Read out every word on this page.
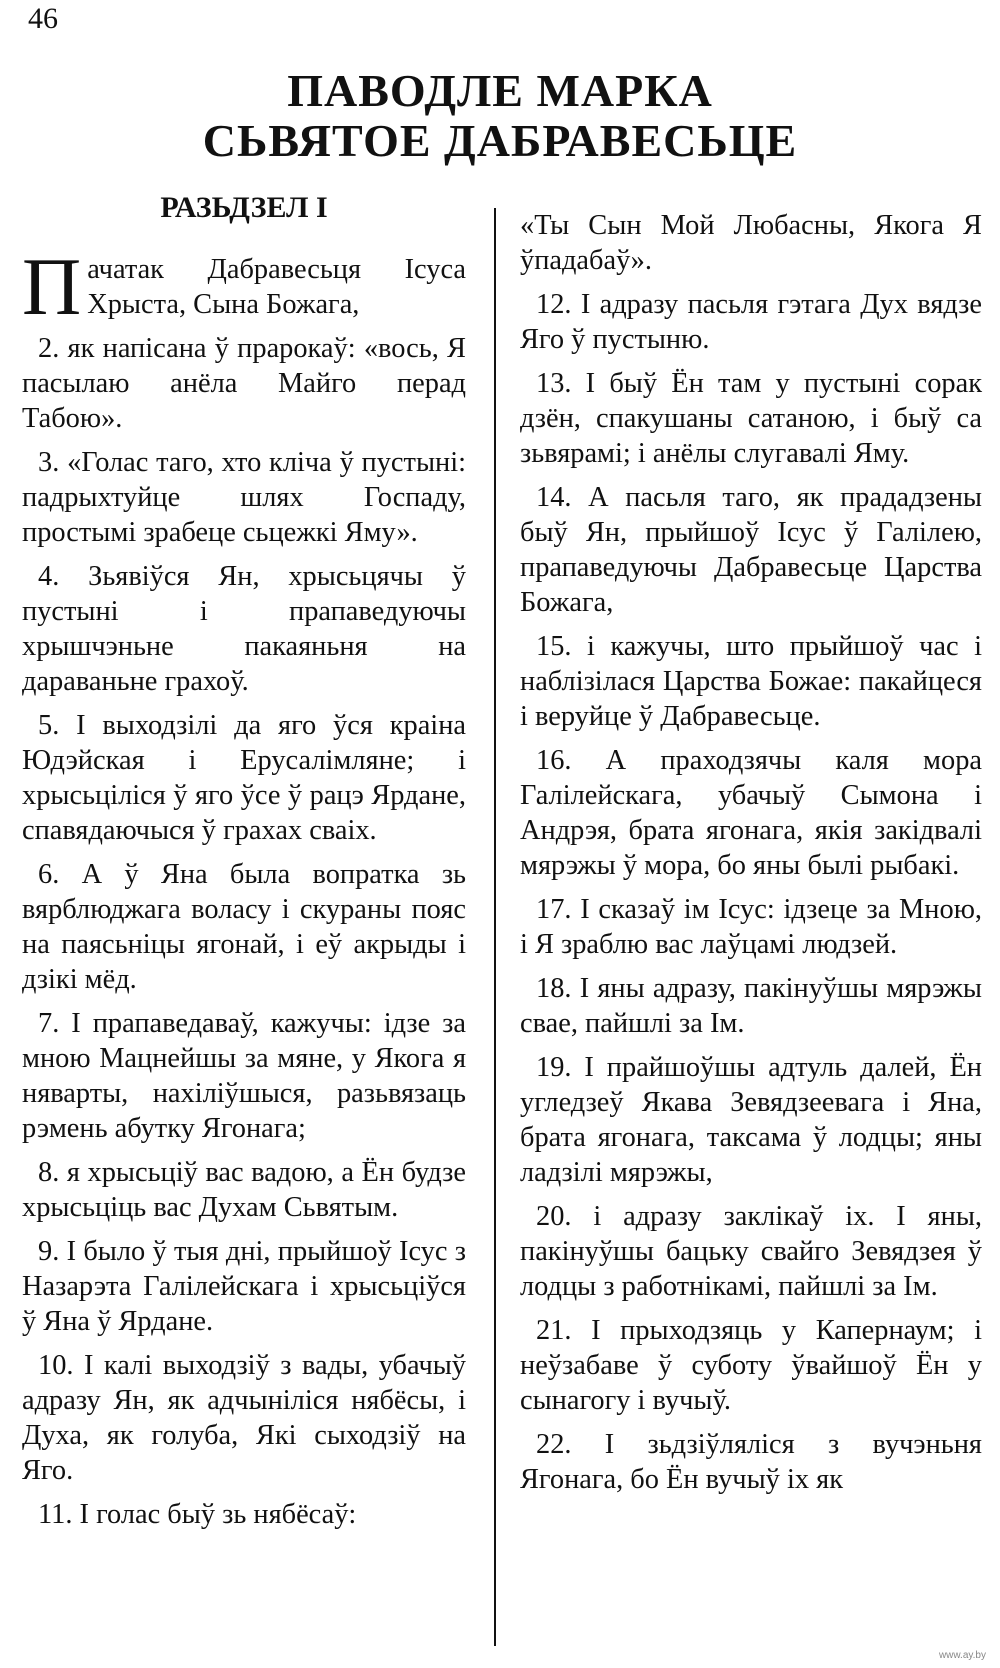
46
ПАВОДЛЕ МАРКА
СЬВЯТОЕ ДАБРАВЕСЬЦЕ
РАЗЬДЗЕЛ I

Пачатак Дабравесьця Ісуса Хрыста, Сына Божага,

2. як напісана ў прарокаў: «вось, Я пасылаю анёла Майго перад Табою».

3. «Голас таго, хто кліча ў пустыні: падрыхтуйце шлях Госпаду, простымі зрабеце сьцежкі Яму».

4. Зьявіўся Ян, хрысьцячы ў пустыні і прапаведуючы хрышчэньне пакаяньня на дараваньне грахоў.

5. І выходзілі да яго ўся краіна Юдэйская і Ерусалімляне; і хрысьціліся ў яго ўсе ў рацэ Ярдане, спавядаючыся ў грахах сваіх.

6. А ў Яна была вопратка зь вярблюджага воласу і скураны пояс на паясьніцы ягонай, і еў акрыды і дзікі мёд.

7. І прапаведаваў, кажучы: ідзе за мною Мацнейшы за мяне, у Якога я няварты, нахіліўшыся, разьвязаць рэмень абутку Ягонага;

8. я хрысьціў вас вадою, а Ён будзе хрысьціць вас Духам Сьвятым.

9. І было ў тыя дні, прыйшоў Ісус з Назарэта Галілейскага і хрысьціўся ў Яна ў Ярдане.

10. І калі выходзіў з вады, убачыў адразу Ян, як адчыніліся нябёсы, і Духа, як голуба, Які сыходзіў на Яго.

11. І голас быў зь нябёсаў:

«Ты Сын Мой Любасны, Якога Я ўпадабаў».

12. І адразу пасьля гэтага Дух вядзе Яго ў пустыню.

13. І быў Ён там у пустыні сорак дзён, спакушаны сатаною, і быў са зьвярамі; і анёлы слугавалі Яму.

14. А пасьля таго, як прададзены быў Ян, прыйшоў Ісус ў Галілею, прапаведуючы Дабравесьце Царства Божага,

15. і кажучы, што прыйшоў час і наблізілася Царства Божае: пакайцеся і веруйце ў Дабравесьце.

16. А праходзячы каля мора Галілейскага, убачыў Сымона і Андрэя, брата ягонага, якія закідвалі мярэжы ў мора, бо яны былі рыбакі.

17. І сказаў ім Ісус: ідзеце за Мною, і Я зраблю вас лаўцамі людзей.

18. І яны адразу, пакінуўшы мярэжы свае, пайшлі за Ім.

19. І прайшоўшы адтуль далей, Ён угледзеў Якава Зевядзеевага і Яна, брата ягонага, таксама ў лодцы; яны ладзілі мярэжы,

20. і адразу заклікаў іх. І яны, пакінуўшы бацьку свайго Зевядзея ў лодцы з работнікамі, пайшлі за Ім.

21. І прыходзяць у Капернаум; і неўзабаве ў суботу ўвайшоў Ён у сынагогу і вучыў.

22. І зьдзіўляліся з вучэньня Ягонага, бо Ён вучыў іх як

www.ay.by
